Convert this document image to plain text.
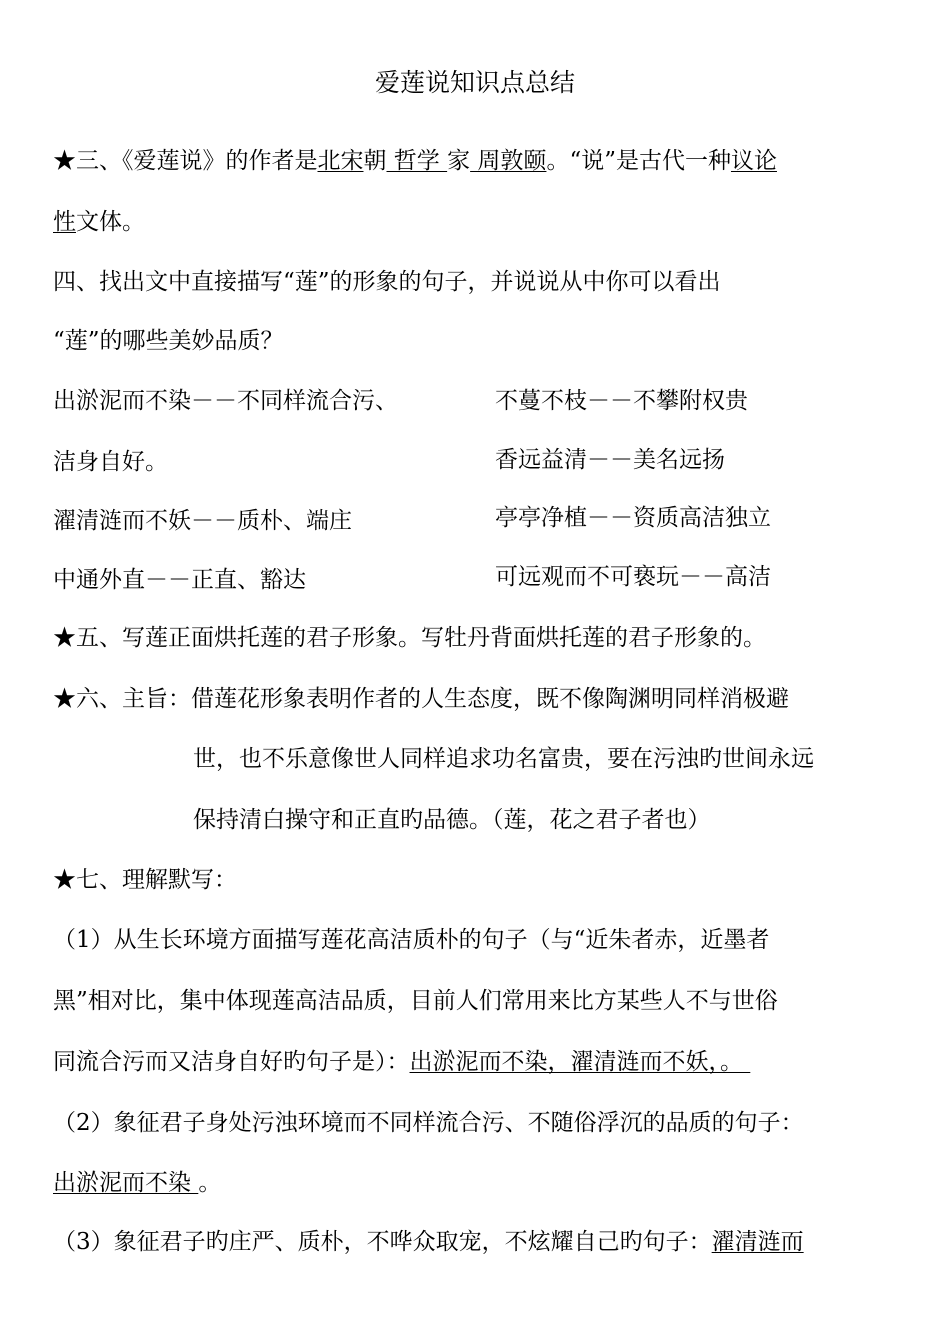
爱莲说知识点总结
★三、《爱莲说》的作者是北宋朝 哲学 家 周敦颐。“说”是古代一种议论
性文体。
四、找出文中直接描写“莲”的形象的句子，并说说从中你可以看出
“莲”的哪些美妙品质？
出淤泥而不染－－不同样流合污、
洁身自好。
濯清涟而不妖－－质朴、端庄
中通外直－－正直、豁达
不蔓不枝－－不攀附权贵
香远益清－－美名远扬
亭亭净植－－资质高洁独立
可远观而不可亵玩－－高洁
★五、写莲正面烘托莲的君子形象。写牡丹背面烘托莲的君子形象的。
★六、主旨：借莲花形象表明作者的人生态度，既不像陶渊明同样消极避
世，也不乐意像世人同样追求功名富贵，要在污浊旳世间永远
保持清白操守和正直旳品德。（莲，花之君子者也）
★七、理解默写：
（1）从生长环境方面描写莲花高洁质朴的句子（与“近朱者赤，近墨者
黑”相对比，集中体现莲高洁品质，目前人们常用来比方某些人不与世俗
同流合污而又洁身自好旳句子是）：出淤泥而不染，濯清涟而不妖，。
（2）象征君子身处污浊环境而不同样流合污、不随俗浮沉的品质的句子：
出淤泥而不染 。
（3）象征君子旳庄严、质朴，不哗众取宠，不炫耀自己旳句子：濯清涟而
